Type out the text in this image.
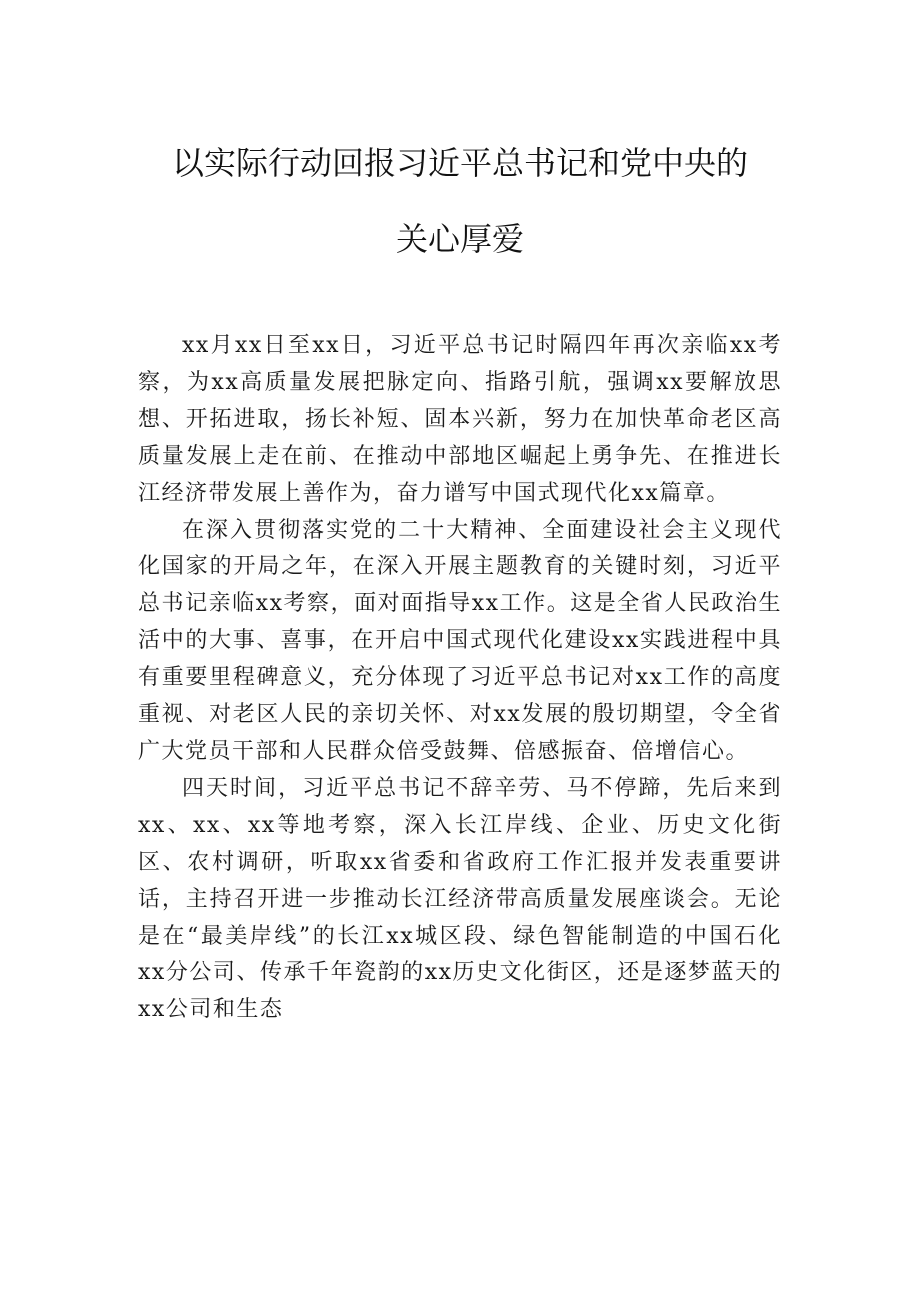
以实际行动回报习近平总书记和党中央的
关心厚爱

xx月xx日至xx日，习近平总书记时隔四年再次亲临xx考察，为xx高质量发展把脉定向、指路引航，强调xx要解放思想、开拓进取，扬长补短、固本兴新，努力在加快革命老区高质量发展上走在前、在推动中部地区崛起上勇争先、在推进长江经济带发展上善作为，奋力谱写中国式现代化xx篇章。

在深入贯彻落实党的二十大精神、全面建设社会主义现代化国家的开局之年，在深入开展主题教育的关键时刻，习近平总书记亲临xx考察，面对面指导xx工作。这是全省人民政治生活中的大事、喜事，在开启中国式现代化建设xx实践进程中具有重要里程碑意义，充分体现了习近平总书记对xx工作的高度重视、对老区人民的亲切关怀、对xx发展的殷切期望，令全省广大党员干部和人民群众倍受鼓舞、倍感振奋、倍增信心。

四天时间，习近平总书记不辞辛劳、马不停蹄，先后来到xx、xx、xx等地考察，深入长江岸线、企业、历史文化街区、农村调研，听取xx省委和省政府工作汇报并发表重要讲话，主持召开进一步推动长江经济带高质量发展座谈会。无论是在“最美岸线”的长江xx城区段、绿色智能制造的中国石化xx分公司、传承千年瓷韵的xx历史文化街区，还是逐梦蓝天的xx公司和生态
